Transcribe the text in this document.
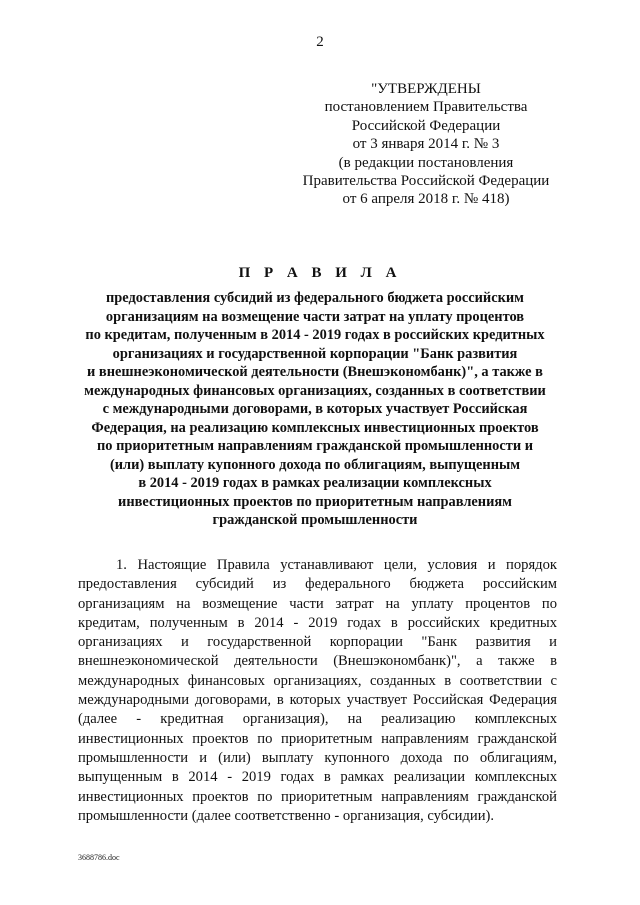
2
"УТВЕРЖДЕНЫ
постановлением Правительства
Российской Федерации
от 3 января 2014 г. № 3
(в редакции постановления
Правительства Российской Федерации
от 6 апреля 2018 г. № 418)
П Р А В И Л А
предоставления субсидий из федерального бюджета российским
организациям на возмещение части затрат на уплату процентов
по кредитам, полученным в 2014 - 2019 годах в российских кредитных
организациях и государственной корпорации "Банк развития
и внешнеэкономической деятельности (Внешэкономбанк)", а также в
международных финансовых организациях, созданных в соответствии
с международными договорами, в которых участвует Российская
Федерация, на реализацию комплексных инвестиционных проектов
по приоритетным направлениям гражданской промышленности и
(или) выплату купонного дохода по облигациям, выпущенным
в 2014 - 2019 годах в рамках реализации комплексных
инвестиционных проектов по приоритетным направлениям
гражданской промышленности
1. Настоящие Правила устанавливают цели, условия и порядок
предоставления субсидий из федерального бюджета российским
организациям на возмещение части затрат на уплату процентов по
кредитам, полученным в 2014 - 2019 годах в российских кредитных
организациях и государственной корпорации "Банк развития и
внешнеэкономической деятельности (Внешэкономбанк)", а также в
международных финансовых организациях, созданных в соответствии с
международными договорами, в которых участвует Российская Федерация
(далее - кредитная организация), на реализацию комплексных
инвестиционных проектов по приоритетным направлениям гражданской
промышленности и (или) выплату купонного дохода по облигациям,
выпущенным в 2014 - 2019 годах в рамках реализации комплексных
инвестиционных проектов по приоритетным направлениям гражданской
промышленности (далее соответственно - организация, субсидии).
3688786.doc
